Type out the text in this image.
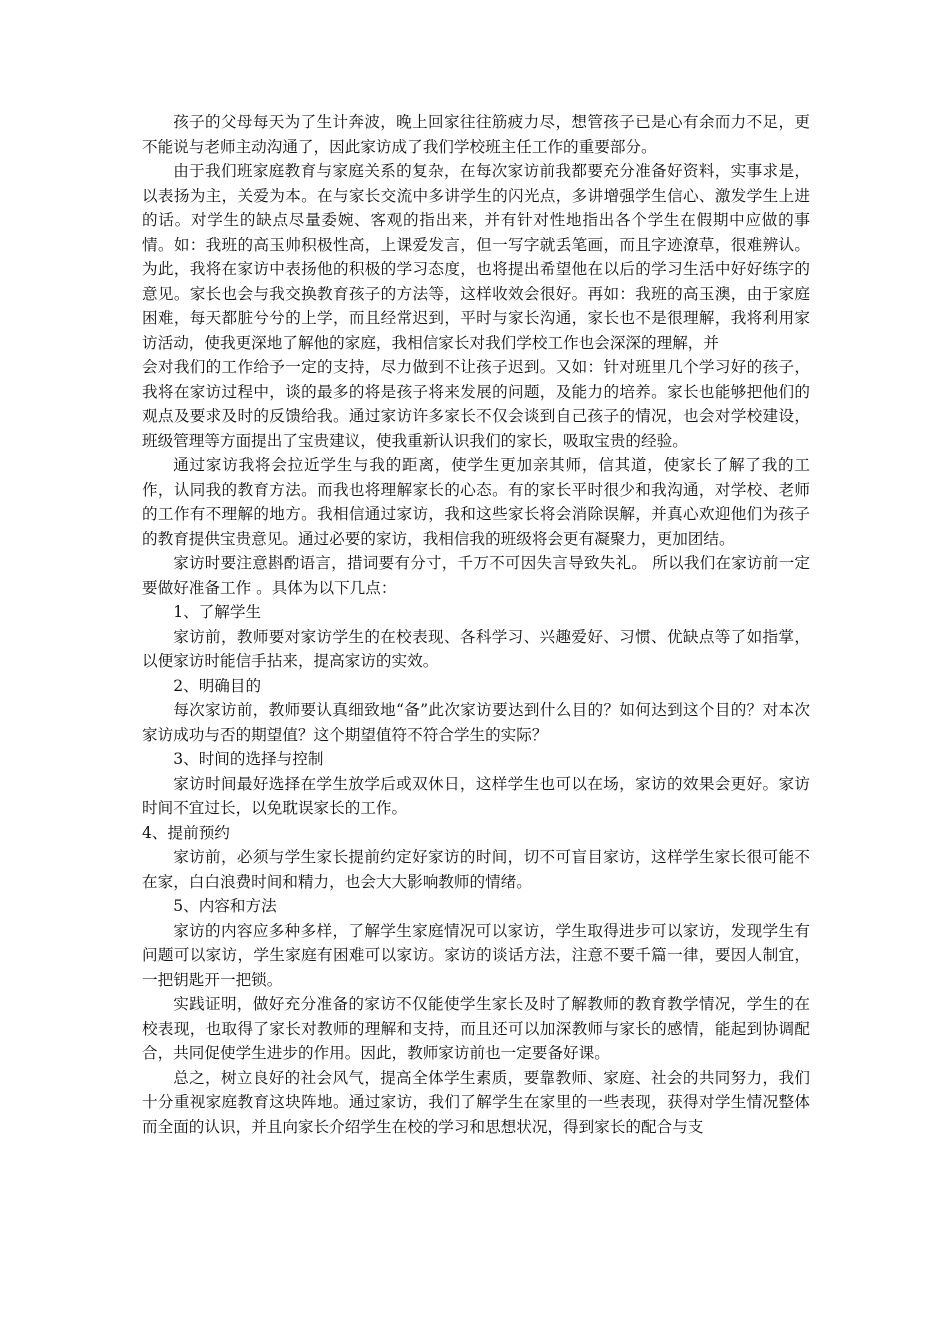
孩子的父母每天为了生计奔波，晚上回家往往筋疲力尽，想管孩子已是心有余而力不足，更不能说与老师主动沟通了，因此家访成了我们学校班主任工作的重要部分。

由于我们班家庭教育与家庭关系的复杂，在每次家访前我都要充分准备好资料，实事求是，以表扬为主，关爱为本。在与家长交流中多讲学生的闪光点，多讲增强学生信心、激发学生上进的话。对学生的缺点尽量委婉、客观的指出来，并有针对性地指出各个学生在假期中应做的事情。如：我班的高玉帅积极性高，上课爱发言，但一写字就丢笔画，而且字迹潦草，很难辨认。为此，我将在家访中表扬他的积极的学习态度，也将提出希望他在以后的学习生活中好好练字的意见。家长也会与我交换教育孩子的方法等，这样收效会很好。再如：我班的高玉澳，由于家庭困难，每天都脏兮兮的上学，而且经常迟到，平时与家长沟通，家长也不是很理解，我将利用家访活动，使我更深地了解他的家庭，我相信家长对我们学校工作也会深深的理解，并

会对我们的工作给予一定的支持，尽力做到不让孩子迟到。又如：针对班里几个学习好的孩子，我将在家访过程中，谈的最多的将是孩子将来发展的问题，及能力的培养。家长也能够把他们的观点及要求及时的反馈给我。通过家访许多家长不仅会谈到自己孩子的情况，也会对学校建设，班级管理等方面提出了宝贵建议，使我重新认识我们的家长，吸取宝贵的经验。

通过家访我将会拉近学生与我的距离，使学生更加亲其师，信其道，使家长了解了我的工作，认同我的教育方法。而我也将理解家长的心态。有的家长平时很少和我沟通，对学校、老师的工作有不理解的地方。我相信通过家访，我和这些家长将会消除误解，并真心欢迎他们为孩子的教育提供宝贵意见。通过必要的家访，我相信我的班级将会更有凝聚力，更加团结。

家访时要注意斟酌语言，措词要有分寸，千万不可因失言导致失礼。 所以我们在家访前一定要做好准备工作 。具体为以下几点：

1、了解学生

家访前，教师要对家访学生的在校表现、各科学习、兴趣爱好、习惯、优缺点等了如指掌，以便家访时能信手拈来，提高家访的实效。

2、明确目的

每次家访前，教师要认真细致地“备”此次家访要达到什么目的？如何达到这个目的？对本次家访成功与否的期望值？这个期望值符不符合学生的实际？

3、时间的选择与控制

家访时间最好选择在学生放学后或双休日，这样学生也可以在场，家访的效果会更好。家访时间不宜过长，以免耽误家长的工作。

4、提前预约

家访前，必须与学生家长提前约定好家访的时间，切不可盲目家访，这样学生家长很可能不在家，白白浪费时间和精力，也会大大影响教师的情绪。

5、内容和方法

家访的内容应多种多样，了解学生家庭情况可以家访，学生取得进步可以家访，发现学生有问题可以家访，学生家庭有困难可以家访。家访的谈话方法，注意不要千篇一律，要因人制宜，一把钥匙开一把锁。

实践证明，做好充分准备的家访不仅能使学生家长及时了解教师的教育教学情况，学生的在校表现，也取得了家长对教师的理解和支持，而且还可以加深教师与家长的感情，能起到协调配合，共同促使学生进步的作用。因此，教师家访前也一定要备好课。

总之，树立良好的社会风气，提高全体学生素质，要靠教师、家庭、社会的共同努力，我们十分重视家庭教育这块阵地。通过家访，我们了解学生在家里的一些表现，获得对学生情况整体而全面的认识，并且向家长介绍学生在校的学习和思想状况，得到家长的配合与支
